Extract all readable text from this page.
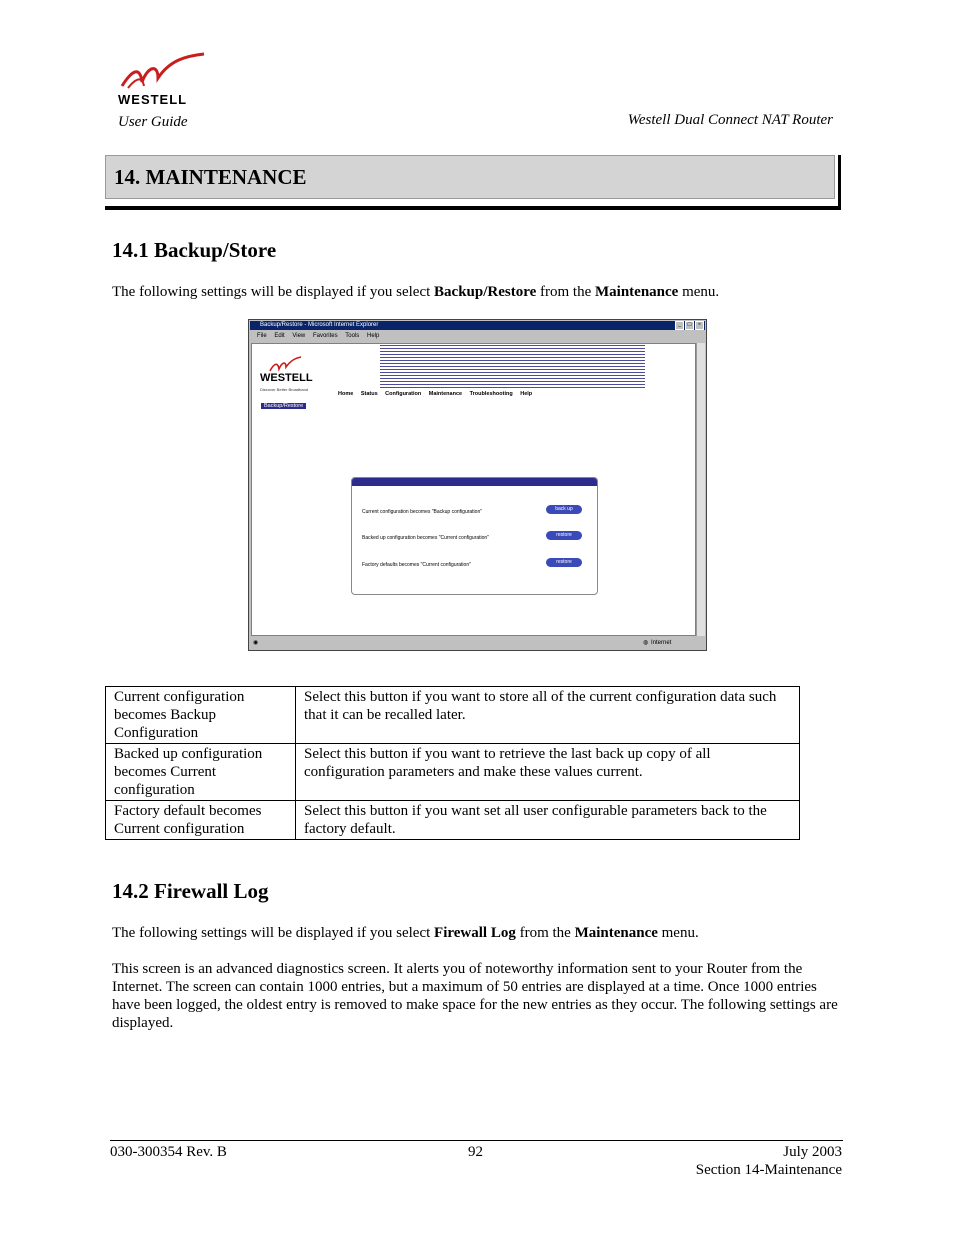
WESTELL
User Guide	Westell Dual Connect NAT Router
14. MAINTENANCE
14.1 Backup/Store

The following settings will be displayed if you select Backup/Restore from the Maintenance menu.

Backup/Restore - Microsoft Internet Explorer	_	□	×
File Edit View Favorites Tools Help
WESTELL
Discover Better Broadband
Home Status Configuration Maintenance Troubleshooting Help
Backup/Restore
Current configuration becomes "Backup configuration"	back up
Backed up configuration becomes "Current configuration"	restore
Factory defaults becomes "Current configuration"	restore
◉	◍ Internet
Current configuration becomes Backup Configuration	Select this button if you want to store all of the current configuration data such that it can be recalled later.
Backed up configuration becomes Current configuration	Select this button if you want to retrieve the last back up copy of all configuration parameters and make these values current.
Factory default becomes Current configuration	Select this button if you want set all user configurable parameters back to the factory default.
14.2 Firewall Log

The following settings will be displayed if you select Firewall Log from the Maintenance menu.

This screen is an advanced diagnostics screen. It alerts you of noteworthy information sent to your Router from the Internet. The screen can contain 1000 entries, but a maximum of 50 entries are displayed at a time. Once 1000 entries have been logged, the oldest entry is removed to make space for the new entries as they occur. The following settings are displayed.

030-300354 Rev. B	92	July 2003
Section 14-Maintenance
